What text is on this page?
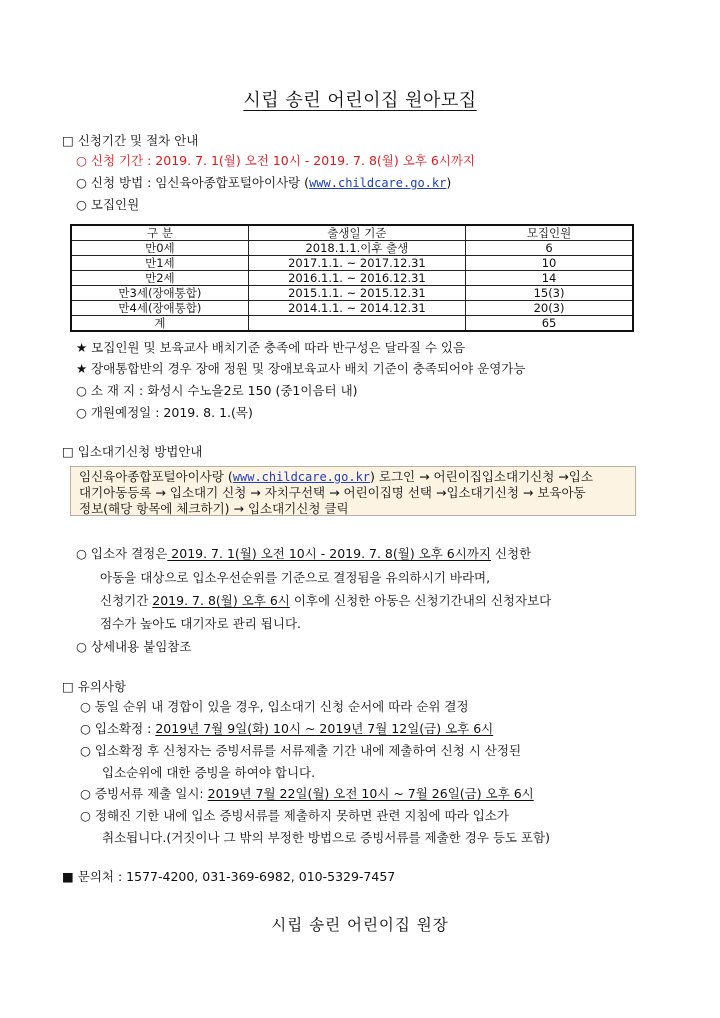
시립 송린 어린이집 원아모집
□ 신청기간 및 절차 안내
○ 신청 기간 : 2019. 7. 1(월) 오전 10시 - 2019. 7. 8(월) 오후 6시까지
○ 신청 방법 : 임신육아종합포털아이사랑 (www.childcare.go.kr)
○ 모집인원
구 분	출생일 기준	모집인원
만0세	2018.1.1.이후 출생	6
만1세	2017.1.1. ~ 2017.12.31	10
만2세	2016.1.1. ~ 2016.12.31	14
만3세(장애통합)	2015.1.1. ~ 2015.12.31	15(3)
만4세(장애통합)	2014.1.1. ~ 2014.12.31	20(3)
계		65
★ 모집인원 및 보육교사 배치기준 충족에 따라 반구성은 달라질 수 있음
★ 장애통합반의 경우 장애 정원 및 장애보육교사 배치 기준이 충족되어야 운영가능
○ 소 재 지 : 화성시 수노을2로 150 (중1이음터 내)
○ 개원예정일 : 2019. 8. 1.(목)
□ 입소대기신청 방법안내
임신육아종합포털아이사랑 (www.childcare.go.kr) 로그인 → 어린이집입소대기신청 →입소
대기아동등록 → 입소대기 신청 → 자치구선택 → 어린이집명 선택 →입소대기신청 → 보육아동
정보(해당 항목에 체크하기) → 입소대기신청 클릭
○ 입소자 결정은 2019. 7. 1(월) 오전 10시 - 2019. 7. 8(월) 오후 6시까지 신청한
아동을 대상으로 입소우선순위를 기준으로 결정됨을 유의하시기 바라며,
신청기간 2019. 7. 8(월) 오후 6시 이후에 신청한 아동은 신청기간내의 신청자보다
점수가 높아도 대기자로 관리 됩니다.
○ 상세내용 붙임참조
□ 유의사항
○ 동일 순위 내 경합이 있을 경우, 입소대기 신청 순서에 따라 순위 결정
○ 입소확정 : 2019년 7월 9일(화) 10시 ~ 2019년 7월 12일(금) 오후 6시
○ 입소확정 후 신청자는 증빙서류를 서류제출 기간 내에 제출하여 신청 시 산정된
입소순위에 대한 증빙을 하여야 합니다.
○ 증빙서류 제출 일시: 2019년 7월 22일(월) 오전 10시 ~ 7월 26일(금) 오후 6시
○ 정해진 기한 내에 입소 증빙서류를 제출하지 못하면 관련 지침에 따라 입소가
취소됩니다.(거짓이나 그 밖의 부정한 방법으로 증빙서류를 제출한 경우 등도 포함)
■ 문의처 : 1577-4200, 031-369-6982, 010-5329-7457
시립 송린 어린이집 원장
